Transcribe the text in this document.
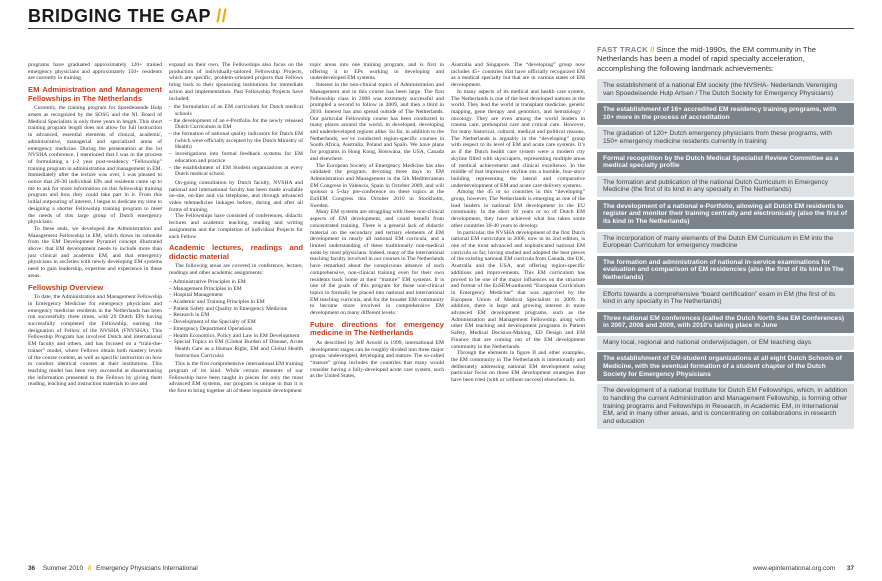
BRIDGING THE GAP //

programs have graduated approximately 120+ trained emergency physicians and approximately 150+ residents are currently in training.

EM Administration and Management Fellowships in The Netherlands

Currently, the training program for Spoedeisende Hulp artsen as recognized by the SOSG and the NI. Board of Medical Specialists is only three years in length. This short training program length does not allow for full instruction in advanced, essential elements of clinical, academic, administrative, managerial and specialized areas of emergency medicine. During the presentation at the 1st NVSHA conference, I mentioned that I was in the process of formulating a 1-2 year post-residency “Fellowship” training program in administration and management in EM. Immediately after the lecture was over, I was pleased to notice that 20-30 individual EPs and residents came up to me to ask for more information on this fellowship training program and how they could take part in it. From this initial outpouring of interest, I began to dedicate my time to designing a shorter Fellowship training program to meet the needs of this large group of Dutch emergency physicians.

To these ends, we developed the Administration and Management Fellowship in EM, which draws its rationale from the EM Development Pyramid concept illustrated above: that EM development needs to include more than just clinical and academic EM, and that emergency physicians in societies with newly developing EM systems need to gain leadership, expertise and experience in these areas.

Fellowship Overview

To date, the Administration and Management Fellowship in Emergency Medicine for emergency physicians and emergency medicine residents in the Netherlands has been run successfully three times, with 29 Dutch EPs having successfully completed the Fellowship, earning the designation of Fellow of the NVSHA (FNVSHA). This Fellowship Program has involved Dutch and international EM faculty and others, and has focused on a “train-the-trainer” model, where Fellows obtain both mastery levels of the course content, as well as specific instruction on how to conduct identical courses at their institutions. This teaching model has been very successful at disseminating the information presented to the Fellows by giving them reading, teaching and instruction materials to use and

expand on their own. The Fellowships also focus on the production of individually-tailored Fellowship Projects, which are specific, problem-oriented projects that Fellows bring back to their sponsoring institutions for immediate action and implementation. Past Fellowship Projects have included:

– the formulation of an EM curriculum for Dutch medical schools
– the development of an e-Portfolio for the newly released Dutch Curriculum in EM
– the formation of national quality indicators for Dutch EM (which were officially accepted by the Dutch Ministry of Health)
– investigations into formal feedback systems for EM education and practice
– the establishment of EM Student organizations at every Dutch medical school.

On-going consultation by Dutch faculty, NVSHA and national and international faculty has been made available on-site, on-line and via telephone, and through advanced video telemedicine linkages before, during and after all forms of training.

The Fellowships have consisted of conferences, didactic lectures and academic teaching, reading and writing assignments and the completion of individual Projects for each Fellow.

Academic lectures, readings and didactic material

The following areas are covered in conference, lecture, readings and other academic assignments:

– Administrative Principles in EM
– Management Principles in EM
– Hospital Management
– Academic and Training Principles in EM
– Patient Safety and Quality in Emergency Medicine
– Research in EM
– Development of the Specialty of EM
– Emergency Department Operations
– Health Economics, Policy and Law in EM Development
– Special Topics in EM (Global Burden of Disease, Acute Health Care as a Human Right, EM and Global Health Instruction Curricula)

This is the first comprehensive international EM training program of its kind. While certain elements of our Fellowship have been taught in pieces for only the most advanced EM systems, our program is unique in that it is the first to bring together all of these requisite development

topic areas into one training program, and is first in offering it to EPs working in developing and underdeveloped EM systems.

Interest in the non-clinical topics of Administration and Management and in this course has been large. The first Fellowship class in 2008 was extremely successful and prompted a second to follow in 2009, and then a third in 2010. Interest has also spread outside of The Netherlands. Our particular Fellowship course has been conducted in many places around the world, in developed, developing and underdeveloped regions alike. So far, in addition to the Netherlands, we’ve conducted region-specific courses in South Africa, Australia, Poland and Spain. We have plans for programs in Hong Kong, Botswana, the USA, Canada and elsewhere.

The European Society of Emergency Medicine has also validated the program, devoting three days to EM Administration and Management in the 5th Mediterranean EM Congress in Valencia, Spain in October 2009, and will sponsor a 5-day pre-conference on these topics at the EuSEM Congress this October 2010 in Stockholm, Sweden.

Many EM systems are struggling with these non-clinical aspects of EM development, and could benefit from concentrated training. There is a general lack of didactic material on the secondary and tertiary elements of EM development in nearly all national EM curricula, and a limited understanding of these traditionally non-medical areas by most physicians. Indeed, many of the international teaching faculty involved in our courses in The Netherlands have remarked about the conspicuous absence of such comprehensive, non-clinical training even for their own residents back home at their “mature” EM systems. It is one of the goals of this program for these non-clinical topics to formally be placed into national and international EM teaching curricula, and for the broader EM community to become more involved in comprehensive EM development on many different levels.

Future directions for emergency medicine in The Netherlands

As described by Jeff Arnold in 1999, international EM development stages can be roughly divided into three major groups: undeveloped, developing and mature. The so-called “mature” group includes the countries that many would consider having a fully-developed acute care system, such as the United States,

Australia and Singapore. The “developing” group now includes 45+ countries that have officially recognized EM as a medical specialty but that are in various states of EM development.

In many aspects of its medical and health care system, The Netherlands is one of the best developed nations in the world. They lead the world in transplant medicine, genetic mapping, gene therapy and genomics, and hematology / oncology. They are even among the world leaders in trauma care, prehospital care and critical care. However, for many historical, cultural, medical and political reasons, The Netherlands is arguably in the “developing” group with respect to its level of EM and acute care systems. It’s as if the Dutch health care system were a modern city skyline filled with skyscrapers, representing multiple areas of medical achievement and clinical excellence. In the middle of that impressive skyline sits a humble, four-story building representing the lateral and comparative underdevelopment of EM and acute care delivery systems.

Among the 45 or so countries in this “developing” group, however, The Netherlands is emerging as one of the lead leaders in national EM development in the EU community. In the short 10 years or so of Dutch EM development, they have achieved what has taken some other countries 30-40 years to develop:

In particular, the NVSHA development of the first Dutch national EM curriculum in 2006, now in its 2nd edition, is one of the most advanced and sophisticated national EM curricula so far, having studied and adopted the best pieces of the existing national EM curricula from Canada, the UK, Australia and the USA, and offering region-specific additions and improvements. This EM curriculum has proved to be one of the major influences on the structure and format of the EuSEM-authored “European Curriculum in Emergency Medicine” that was approved by the European Union of Medical Specialists in 2009. In addition, there is large and growing interest in more advanced EM development programs, such as the Administration and Management Fellowship, along with other EM teaching and development programs in Patient Safety, Medical Decision-Making, ED Design and EM Finance that are coming out of the EM development community in the Netherlands.

Through the elements in figure II and other examples, the EM community in The Netherlands is intentionally and deliberately addressing national EM development using particular focus on those EM development strategies that have been tried (with or without success) elsewhere. In

FAST TRACK // Since the mid-1990s, the EM community in The Netherlands has been a model of rapid specialty acceleration, accomplishing the following landmark achievements:
The establishment of a national EM society (the NVSHA- Nederlands Vereniging van Spoedeisende Hulp Artsen / The Dutch Society for Emergency Physicians)
The establishment of 16+ accredited EM residency training programs, with 10+ more in the process of accreditation
The gradation of 120+ Dutch emergency physicians from these programs, with 150+ emergency medicine residents currently in training
Formal recognition by the Dutch Medical Specialist Review Committee as a medical specialty profile
The formation and publication of the national Dutch Curriculum in Emergency Medicine (the first of its kind in any specialty in The Netherlands)
The development of a national e-Portfolio, allowing all Dutch EM residents to register and monitor their training centrally and electronically (also the first of its kind in The Netherlands)
The incorporation of many elements of the Dutch EM Curriculum in EM into the European Curriculum for emergency medicine
The formation and administration of national in-service examinations for evaluation and comparison of EM residencies (also the first of its kind in The Netherlands)
Efforts towards a comprehensive “board certification” exam in EM (the first of its kind in any specialty in The Netherlands)
Three national EM conferences (called the Dutch North Sea EM Conferences) in 2007, 2008 and 2009, with 2010's taking place in June
Many local, regional and national onderwijsdagen, or EM teaching days
The establishment of EM-student organizations at all eight Dutch Schools of Medicine, with the eventual formation of a student chapter of the Dutch Society for Emergency Physicians
The development of a national Institute for Dutch EM Fellowships, which, in addition to handling the current Administration and Management Fellowship, is forming other training programs and Fellowships in Research, in Academic EM, in International EM, and in many other areas, and is concentrating on collaborations in research and education
36 Summer 2010 // Emergency Physicians International	www.epinternational.org.com 37
